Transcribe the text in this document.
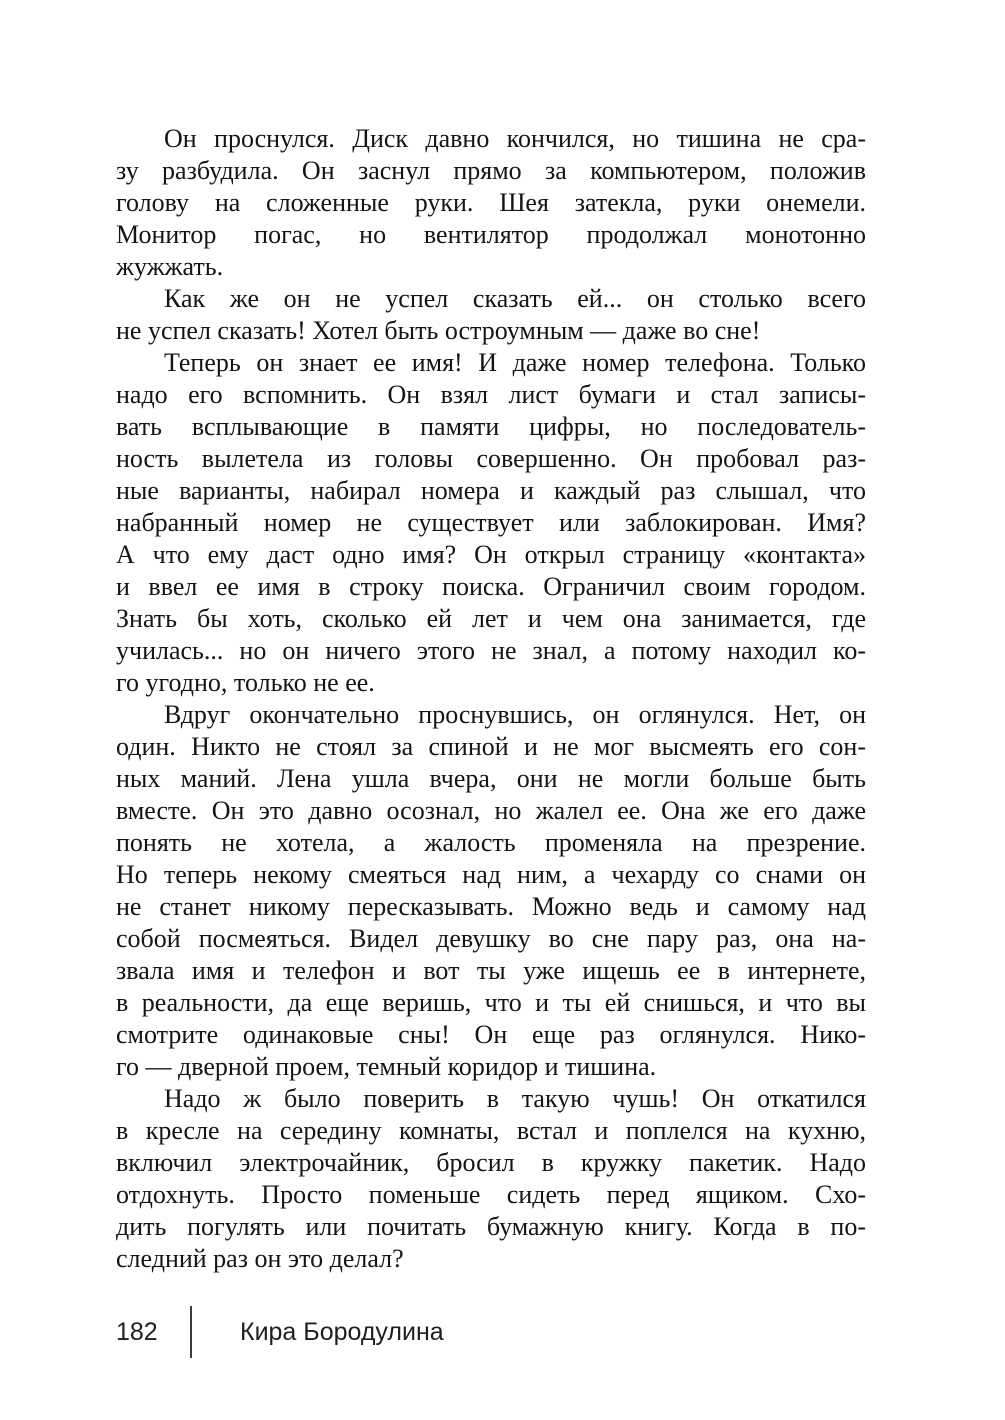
Он проснулся. Диск давно кончился, но тишина не сра-
зу разбудила. Он заснул прямо за компьютером, положив
голову на сложенные руки. Шея затекла, руки онемели.
Монитор погас, но вентилятор продолжал монотонно
жужжать.
Как же он не успел сказать ей... он столько всего
не успел сказать! Хотел быть остроумным — даже во сне!
Теперь он знает ее имя! И даже номер телефона. Только
надо его вспомнить. Он взял лист бумаги и стал записы-
вать всплывающие в памяти цифры, но последователь-
ность вылетела из головы совершенно. Он пробовал раз-
ные варианты, набирал номера и каждый раз слышал, что
набранный номер не существует или заблокирован. Имя?
А что ему даст одно имя? Он открыл страницу «контакта»
и ввел ее имя в строку поиска. Ограничил своим городом.
Знать бы хоть, сколько ей лет и чем она занимается, где
училась... но он ничего этого не знал, а потому находил ко-
го угодно, только не ее.
Вдруг окончательно проснувшись, он оглянулся. Нет, он
один. Никто не стоял за спиной и не мог высмеять его сон-
ных маний. Лена ушла вчера, они не могли больше быть
вместе. Он это давно осознал, но жалел ее. Она же его даже
понять не хотела, а жалость променяла на презрение.
Но теперь некому смеяться над ним, а чехарду со снами он
не станет никому пересказывать. Можно ведь и самому над
собой посмеяться. Видел девушку во сне пару раз, она на-
звала имя и телефон и вот ты уже ищешь ее в интернете,
в реальности, да еще веришь, что и ты ей снишься, и что вы
смотрите одинаковые сны! Он еще раз оглянулся. Нико-
го — дверной проем, темный коридор и тишина.
Надо ж было поверить в такую чушь! Он откатился
в кресле на середину комнаты, встал и поплелся на кухню,
включил электрочайник, бросил в кружку пакетик. Надо
отдохнуть. Просто поменьше сидеть перед ящиком. Схо-
дить погулять или почитать бумажную книгу. Когда в по-
следний раз он это делал?
182	Кира Бородулина
